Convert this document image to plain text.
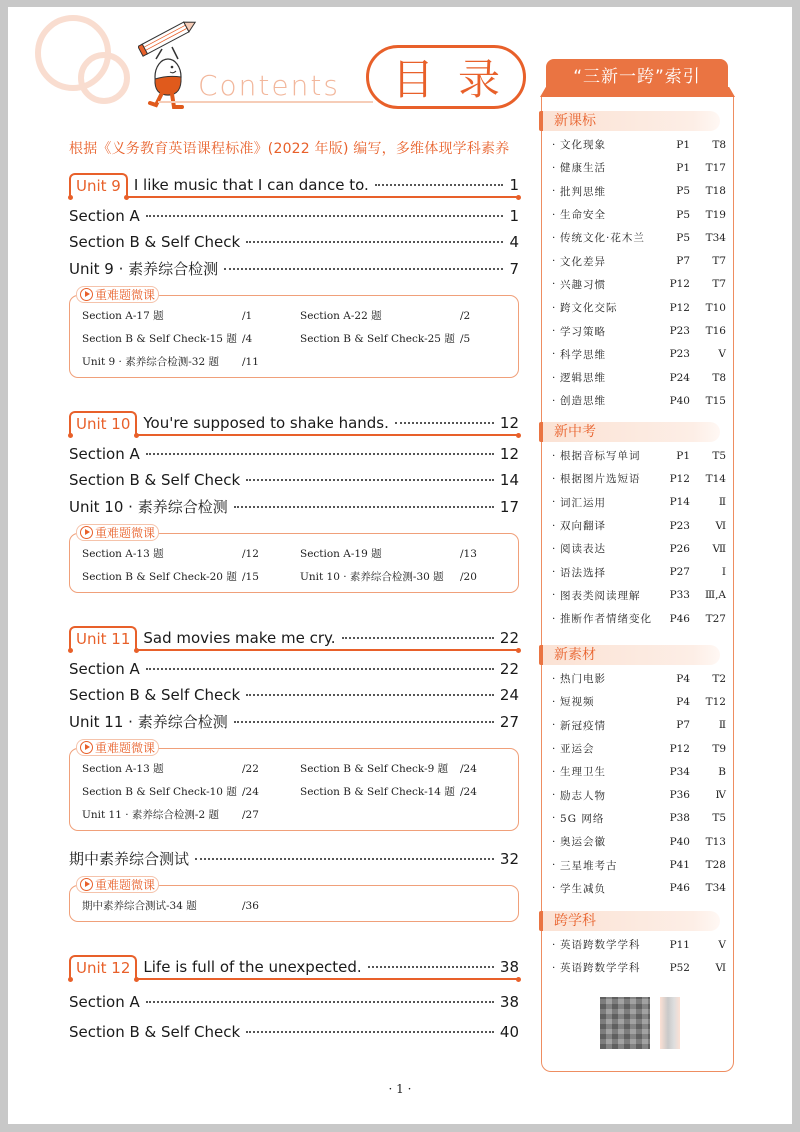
Contents 目 录
根据《义务教育英语课程标准》(2022 年版) 编写，多维体现学科素养
Unit 9 I like music that I can dance to.	1
Section A	1
Section B & Self Check	4
Unit 9 · 素养综合检测	7
重难题微课
Section A-17 题	/1	Section A-22 题	/2
Section B & Self Check-15 题 /4	Section B & Self Check-25 题 /5
Unit 9 · 素养综合检测-32 题	/11
Unit 10 You're supposed to shake hands.	12
Section A	12
Section B & Self Check	14
Unit 10 · 素养综合检测	17
重难题微课
Section A-13 题	/12	Section A-19 题	/13
Section B & Self Check-20 题 /15	Unit 10 · 素养综合检测-30 题	/20
Unit 11 Sad movies make me cry.	22
Section A	22
Section B & Self Check	24
Unit 11 · 素养综合检测	27
重难题微课
Section A-13 题	/22	Section B & Self Check-9 题	/24
Section B & Self Check-10 题 /24	Section B & Self Check-14 题 /24
Unit 11 · 素养综合检测-2 题	/27
期中素养综合测试	32
重难题微课
期中素养综合测试-34 题	/36
Unit 12 Life is full of the unexpected.	38
Section A	38
Section B & Self Check	40
“三新一跨”索引
新课标
· 文化现象	P1	T8
· 健康生活	P1	T17
· 批判思维	P5	T18
· 生命安全	P5	T19
· 传统文化·花木兰	P5	T34
· 文化差异	P7	T7
· 兴趣习惯	P12	T7
· 跨文化交际	P12	T10
· 学习策略	P23	T16
· 科学思维	P23	Ⅴ
· 逻辑思维	P24	T8
· 创造思维	P40	T15
新中考
· 根据音标写单词	P1	T5
· 根据图片选短语	P12	T14
· 词汇运用	P14	Ⅱ
· 双向翻译	P23	Ⅵ
· 阅读表达	P26	Ⅶ
· 语法选择	P27	Ⅰ
· 图表类阅读理解	P33	Ⅲ,A
· 推断作者情绪变化	P46	T27
新素材
· 热门电影	P4	T2
· 短视频	P4	T12
· 新冠疫情	P7	Ⅱ
· 亚运会	P12	T9
· 生理卫生	P34	B
· 励志人物	P36	Ⅳ
· 5G 网络	P38	T5
· 奥运会徽	P40	T13
· 三星堆考古	P41	T28
· 学生减负	P46	T34
跨学科
· 英语跨数学学科	P11	Ⅴ
· 英语跨数学学科	P52	Ⅵ
· 1 ·
